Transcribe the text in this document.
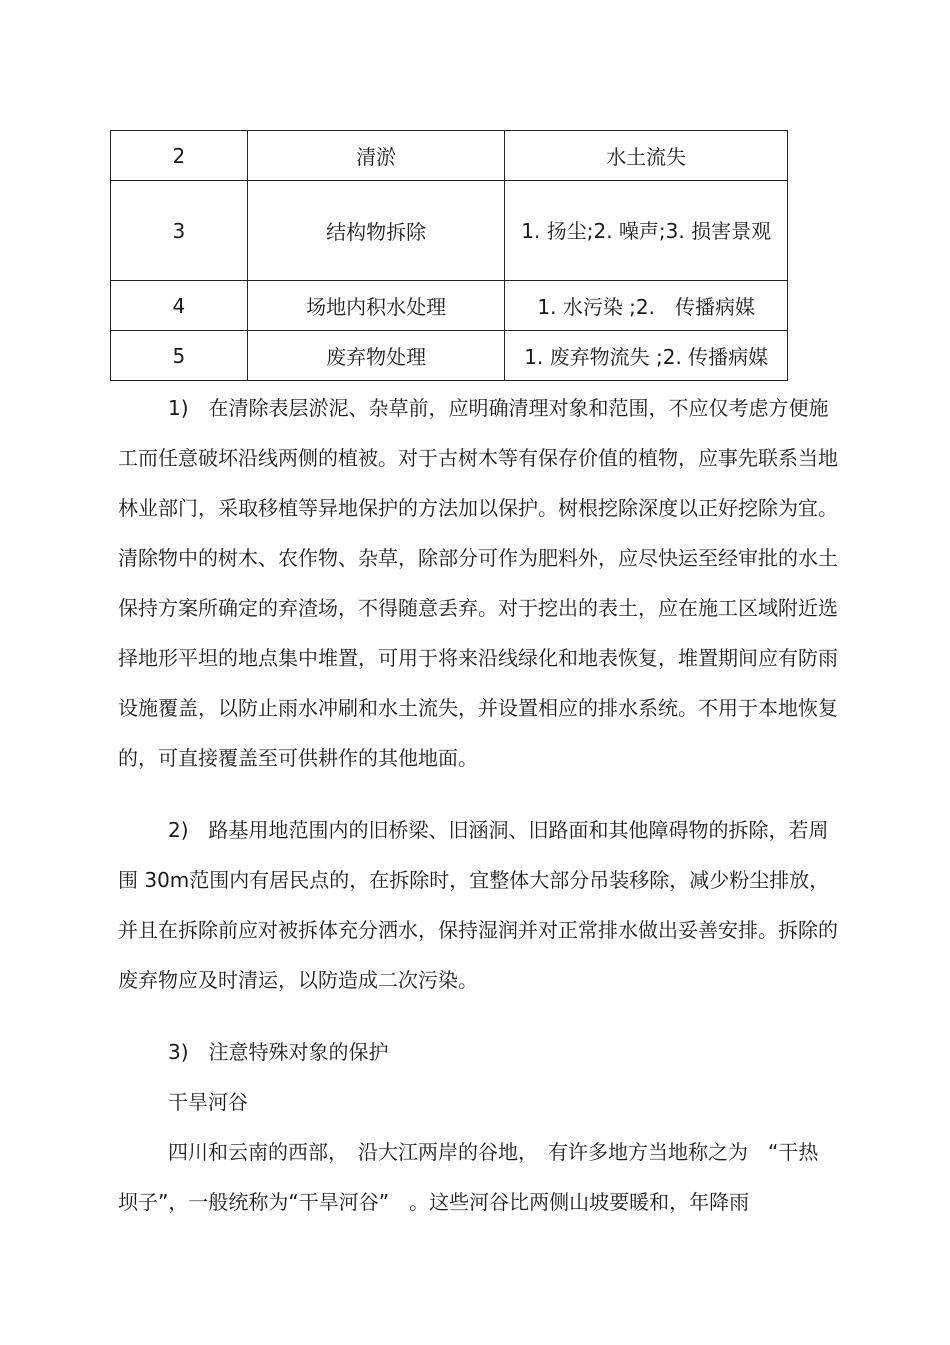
2	清淤	水土流失
3	结构物拆除	1. 扬尘;2. 噪声;3. 损害景观
4	场地内积水处理	1. 水污染 ;2.　传播病媒
5	废弃物处理	1. 废弃物流失 ;2. 传播病媒

1)　在清除表层淤泥、杂草前，应明确清理对象和范围，不应仅考虑方便施工而任意破坏沿线两侧的植被。对于古树木等有保存价值的植物，应事先联系当地林业部门，采取移植等异地保护的方法加以保护。树根挖除深度以正好挖除为宜。清除物中的树木、农作物、杂草，除部分可作为肥料外，应尽快运至经审批的水土保持方案所确定的弃渣场，不得随意丢弃。对于挖出的表土，应在施工区域附近选择地形平坦的地点集中堆置，可用于将来沿线绿化和地表恢复，堆置期间应有防雨设施覆盖，以防止雨水冲刷和水土流失，并设置相应的排水系统。不用于本地恢复的，可直接覆盖至可供耕作的其他地面。

2)　路基用地范围内的旧桥梁、旧涵洞、旧路面和其他障碍物的拆除，若周围 30m范围内有居民点的，在拆除时，宜整体大部分吊装移除，减少粉尘排放，并且在拆除前应对被拆体充分洒水，保持湿润并对正常排水做出妥善安排。拆除的废弃物应及时清运，以防造成二次污染。

3)　注意特殊对象的保护

干旱河谷

四川和云南的西部，　沿大江两岸的谷地，　有许多地方当地称之为　“干热坝子”，一般统称为“干旱河谷”　。这些河谷比两侧山坡要暖和，年降雨
